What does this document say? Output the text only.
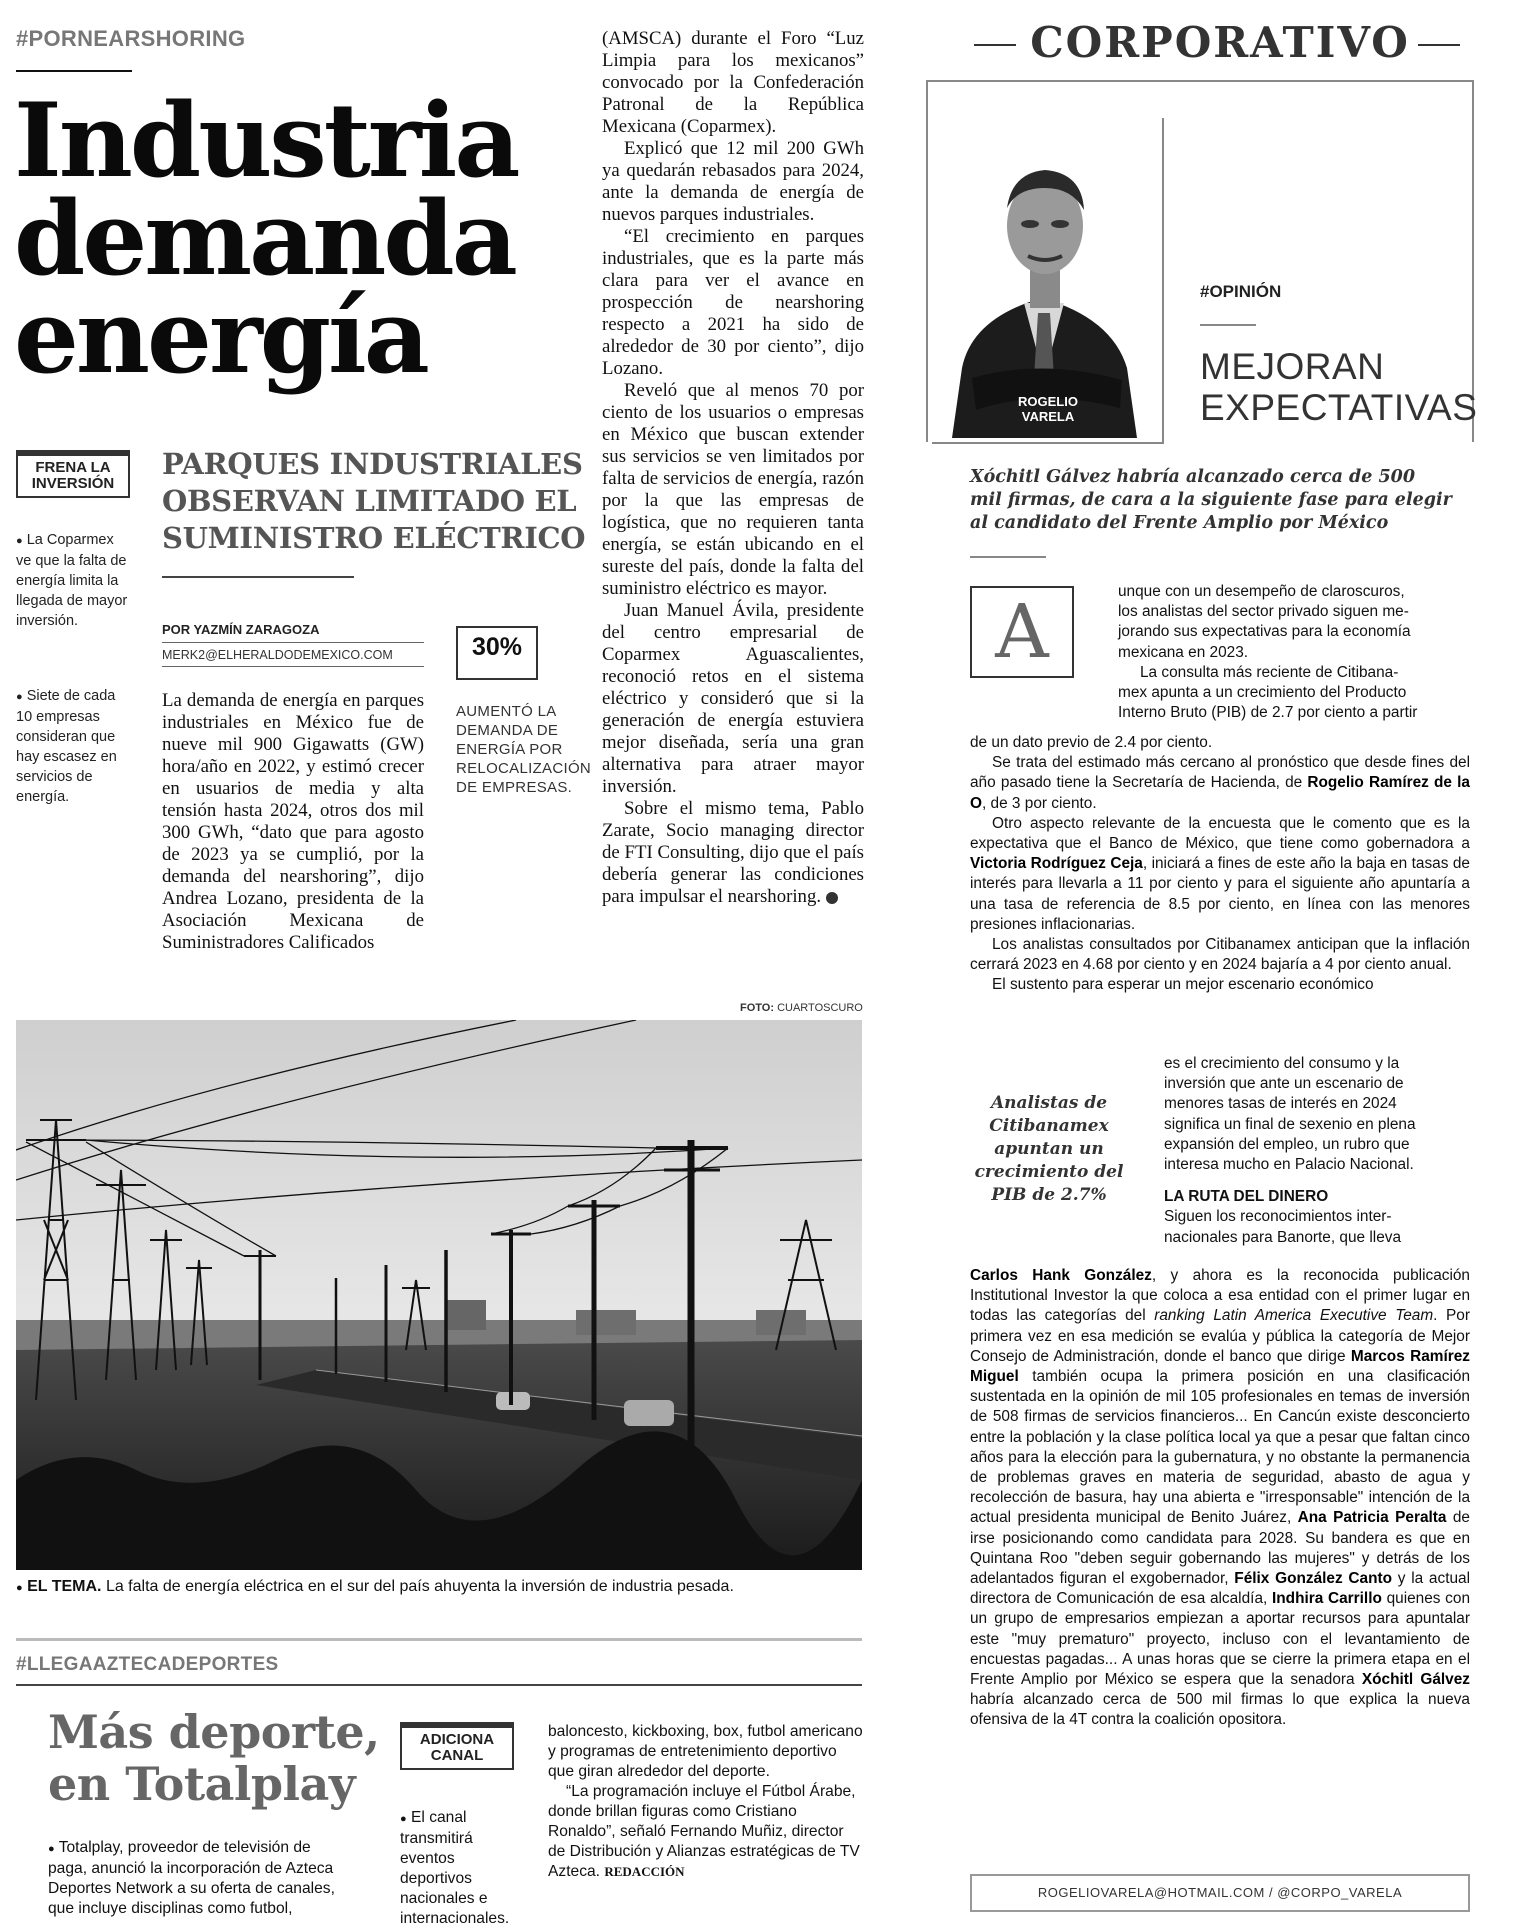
#PORNEARSHORING
Industria
demanda
energía
FRENA LA INVERSIÓN
● La Coparmex ve que la falta de energía limita la llegada de mayor inversión.
● Siete de cada 10 empresas consideran que hay escasez en servicios de energía.
PARQUES INDUSTRIALES OBSERVAN LIMITADO EL SUMINISTRO ELÉCTRICO
POR YAZMÍN ZARAGOZA
MERK2@ELHERALDODEMEXICO.COM	30%
AUMENTÓ LA DEMANDA DE ENERGÍA POR RELOCALIZACIÓN DE EMPRESAS.

La demanda de energía en parques industriales en México fue de nueve mil 900 Gigawatts (GW) hora/año en 2022, y estimó crecer en usuarios de media y alta tensión hasta 2024, otros dos mil 300 GWh, “dato que para agosto de 2023 ya se cumplió, por la demanda del nearshoring”, dijo Andrea Lozano, presidenta de la Asociación Mexicana de Suministradores Calificados

(AMSCA) durante el Foro “Luz Limpia para los mexicanos” convocado por la Confederación Patronal de la República Mexicana (Coparmex).

Explicó que 12 mil 200 GWh ya quedarán rebasados para 2024, ante la demanda de energía de nuevos parques industriales.

“El crecimiento en parques industriales, que es la parte más clara para ver el avance en prospección de nearshoring respecto a 2021 ha sido de alrededor de 30 por ciento”, dijo Lozano.

Reveló que al menos 70 por ciento de los usuarios o empresas en México que buscan extender sus servicios se ven limitados por falta de servicios de energía, razón por la que las empresas de logística, que no requieren tanta energía, se están ubicando en el sureste del país, donde la falta del suministro eléctrico es mayor.

Juan Manuel Ávila, presidente del centro empresarial de Coparmex Aguascalientes, reconoció retos en el sistema eléctrico y consideró que si la generación de energía estuviera mejor diseñada, sería una gran alternativa para atraer mayor inversión.

Sobre el mismo tema, Pablo Zarate, Socio managing director de FTI Consulting, dijo que el país debería generar las condiciones para impulsar el nearshoring.

FOTO: CUARTOSCURO
● EL TEMA. La falta de energía eléctrica en el sur del país ahuyenta la inversión de industria pesada.
#LLEGAAZTECADEPORTES
Más deporte,
en Totalplay
● Totalplay, proveedor de televisión de paga, anunció la incorporación de Azteca Deportes Network a su oferta de canales, que incluye disciplinas como futbol,
ADICIONA CANAL
● El canal transmitirá eventos deportivos nacionales e internacionales.

baloncesto, kickboxing, box, futbol americano y programas de entretenimiento deportivo que giran alrededor del deporte.

“La programación incluye el Fútbol Árabe, donde brillan figuras como Cristiano Ronaldo”, señaló Fernando Muñiz, director de Distribución y Alianzas estratégicas de TV Azteca. REDACCIÓN

CORPORATIVO
ROGELIO
VARELA
#OPINIÓN
MEJORAN
EXPECTATIVAS
Xóchitl Gálvez habría alcanzado cerca de 500 mil firmas, de cara a la siguiente fase para elegir al candidato del Frente Amplio por México
A	unque con un desempeño de claroscuros,
los analistas del sector privado siguen me-
jorando sus expectativas para la economía
mexicana en 2023.
La consulta más reciente de Citibana-
mex apunta a un crecimiento del Producto
Interno Bruto (PIB) de 2.7 por ciento a partir
de un dato previo de 2.4 por ciento.

Se trata del estimado más cercano al pronóstico que desde fines del año pasado tiene la Secretaría de Hacienda, de Rogelio Ramírez de la O, de 3 por ciento.

Otro aspecto relevante de la encuesta que le comento que es la expectativa que el Banco de México, que tiene como gobernadora a Victoria Rodríguez Ceja, iniciará a fines de este año la baja en tasas de interés para llevarla a 11 por ciento y para el siguiente año apuntaría a una tasa de referencia de 8.5 por ciento, en línea con las menores presiones inflacionarias.

Los analistas consultados por Citibanamex anticipan que la inflación cerrará 2023 en 4.68 por ciento y en 2024 bajaría a 4 por ciento anual.

El sustento para esperar un mejor escenario económico

Analistas de Citibanamex apuntan un crecimiento del PIB de 2.7%
es el crecimiento del consumo y la
inversión que ante un escenario de
menores tasas de interés en 2024
significa un final de sexenio en plena
expansión del empleo, un rubro que
interesa mucho en Palacio Nacional.
LA RUTA DEL DINERO
Siguen los reconocimientos inter-
nacionales para Banorte, que lleva
Carlos Hank González, y ahora es la reconocida publicación Institutional Investor la que coloca a esa entidad con el primer lugar en todas las categorías del ranking Latin America Executive Team. Por primera vez en esa medición se evalúa y pública la categoría de Mejor Consejo de Administración, donde el banco que dirige Marcos Ramírez Miguel también ocupa la primera posición en una clasificación sustentada en la opinión de mil 105 profesionales en temas de inversión de 508 firmas de servicios financieros... En Cancún existe desconcierto entre la población y la clase política local ya que a pesar que faltan cinco años para la elección para la gubernatura, y no obstante la permanencia de problemas graves en materia de seguridad, abasto de agua y recolección de basura, hay una abierta e "irresponsable" intención de la actual presidenta municipal de Benito Juárez, Ana Patricia Peralta de irse posicionando como candidata para 2028. Su bandera es que en Quintana Roo "deben seguir gobernando las mujeres" y detrás de los adelantados figuran el exgobernador, Félix González Canto y la actual directora de Comunicación de esa alcaldía, Indhira Carrillo quienes con un grupo de empresarios empiezan a aportar recursos para apuntalar este "muy prematuro" proyecto, incluso con el levantamiento de encuestas pagadas... A unas horas que se cierre la primera etapa en el Frente Amplio por México se espera que la senadora Xóchitl Gálvez habría alcanzado cerca de 500 mil firmas lo que explica la nueva ofensiva de la 4T contra la coalición opositora.
ROGELIOVARELA@HOTMAIL.COM / @CORPO_VARELA
